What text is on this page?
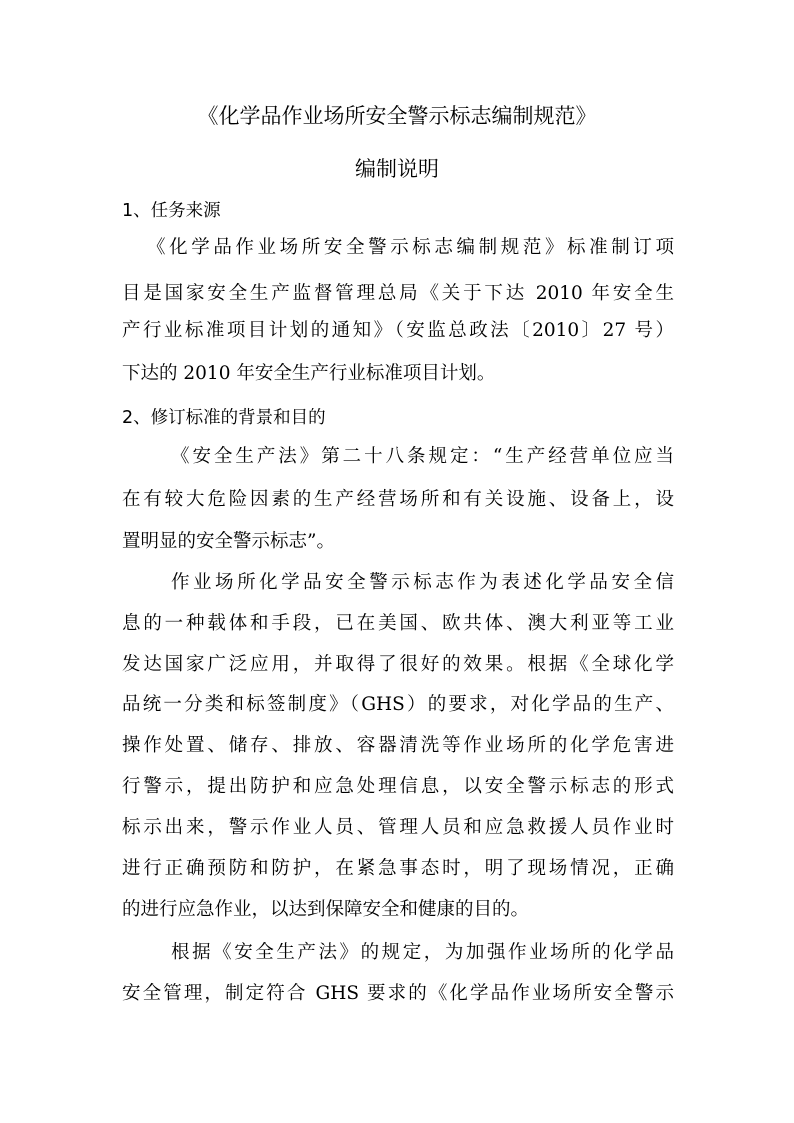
《化学品作业场所安全警示标志编制规范》
编制说明
1、任务来源
《化学品作业场所安全警示标志编制规范》标准制订项
目是国家安全生产监督管理总局《关于下达 2010 年安全生
产行业标准项目计划的通知》（安监总政法〔2010〕27 号）
下达的 2010 年安全生产行业标准项目计划。
2、修订标准的背景和目的
《安全生产法》第二十八条规定：“生产经营单位应当
在有较大危险因素的生产经营场所和有关设施、设备上，设
置明显的安全警示标志”。
作业场所化学品安全警示标志作为表述化学品安全信
息的一种载体和手段，已在美国、欧共体、澳大利亚等工业
发达国家广泛应用，并取得了很好的效果。根据《全球化学
品统一分类和标签制度》（GHS）的要求，对化学品的生产、
操作处置、储存、排放、容器清洗等作业场所的化学危害进
行警示，提出防护和应急处理信息，以安全警示标志的形式
标示出来，警示作业人员、管理人员和应急救援人员作业时
进行正确预防和防护，在紧急事态时，明了现场情况，正确
的进行应急作业，以达到保障安全和健康的目的。
根据《安全生产法》的规定，为加强作业场所的化学品
安全管理，制定符合 GHS 要求的《化学品作业场所安全警示
